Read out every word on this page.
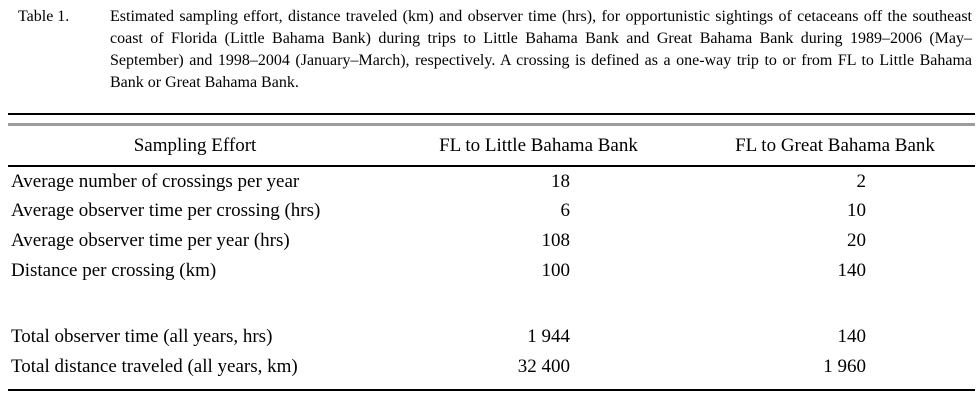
Table 1.	Estimated sampling effort, distance traveled (km) and observer time (hrs), for opportunistic sightings of cetaceans off the southeast coast of Florida (Little Bahama Bank) during trips to Little Bahama Bank and Great Bahama Bank during 1989–2006 (May–September) and 1998–2004 (January–March), respectively. A crossing is defined as a one-way trip to or from FL to Little Bahama Bank or Great Bahama Bank.

Sampling Effort	FL to Little Bahama Bank	FL to Great Bahama Bank
Average number of crossings per year	18	2
Average observer time per crossing (hrs)	6	10
Average observer time per year (hrs)	108	20
Distance per crossing (km)	100	140

Total observer time (all years, hrs)	1 944	140
Total distance traveled (all years, km)	32 400	1 960
